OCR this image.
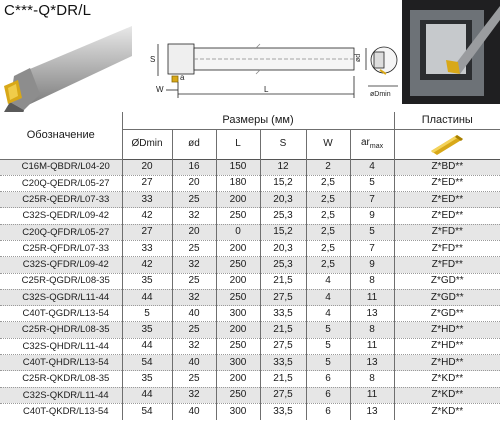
C***-Q*DR/L
S
a
W	L
ød
øDmin
Обозначение	Размеры (мм)						Пластины
	ØDmin	ød	L	S	W	$ar_{max}$	
C16M-QBDR/L04-20	20	16	150	12	2	4	Z*BD**
C20Q-QEDR/L05-27	27	20	180	15,2	2,5	5	Z*ED**
C25R-QEDR/L07-33	33	25	200	20,3	2,5	7	Z*ED**
C32S-QEDR/L09-42	42	32	250	25,3	2,5	9	Z*ED**
C20Q-QFDR/L05-27	27	20	0	15,2	2,5	5	Z*FD**
C25R-QFDR/L07-33	33	25	200	20,3	2,5	7	Z*FD**
C32S-QFDR/L09-42	42	32	250	25,3	2,5	9	Z*FD**
C25R-QGDR/L08-35	35	25	200	21,5	4	8	Z*GD**
C32S-QGDR/L11-44	44	32	250	27,5	4	11	Z*GD**
C40T-QGDR/L13-54	5	40	300	33,5	4	13	Z*GD**
C25R-QHDR/L08-35	35	25	200	21,5	5	8	Z*HD**
C32S-QHDR/L11-44	44	32	250	27,5	5	11	Z*HD**
C40T-QHDR/L13-54	54	40	300	33,5	5	13	Z*HD**
C25R-QKDR/L08-35	35	25	200	21,5	6	8	Z*KD**
C32S-QKDR/L11-44	44	32	250	27,5	6	11	Z*KD**
C40T-QKDR/L13-54	54	40	300	33,5	6	13	Z*KD**
